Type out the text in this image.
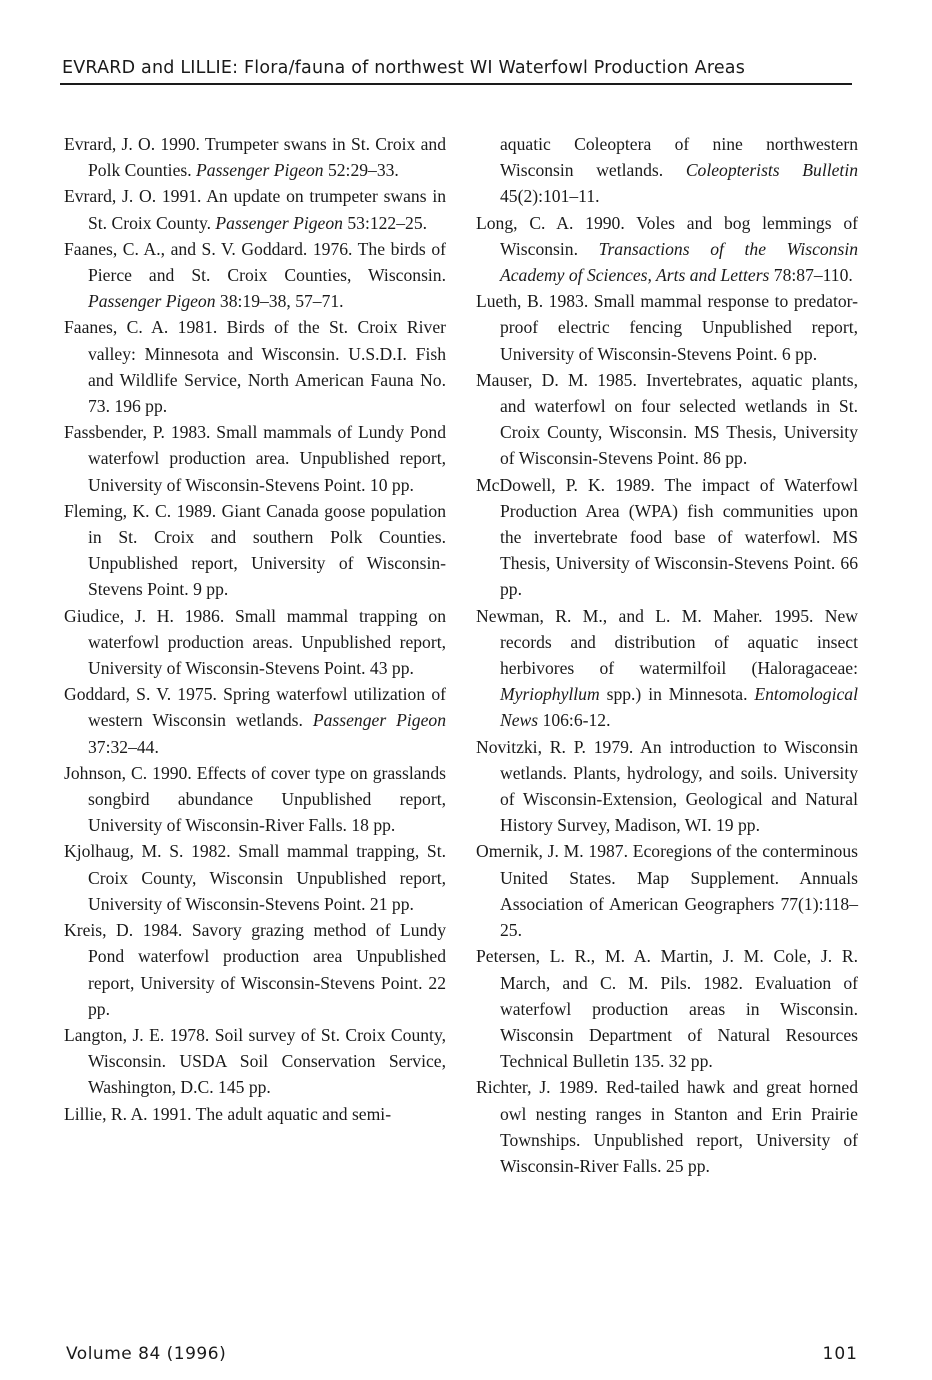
EVRARD and LILLIE: Flora/fauna of northwest WI Waterfowl Production Areas

Evrard, J. O. 1990. Trumpeter swans in St. Croix and Polk Counties. Passenger Pigeon 52:29–33.

Evrard, J. O. 1991. An update on trumpeter swans in St. Croix County. Passenger Pigeon 53:122–25.

Faanes, C. A., and S. V. Goddard. 1976. The birds of Pierce and St. Croix Counties, Wisconsin. Passenger Pigeon 38:19–38, 57–71.

Faanes, C. A. 1981. Birds of the St. Croix River valley: Minnesota and Wisconsin. U.S.D.I. Fish and Wildlife Service, North American Fauna No. 73. 196 pp.

Fassbender, P. 1983. Small mammals of Lundy Pond waterfowl production area. Unpublished report, University of Wisconsin-Stevens Point. 10 pp.

Fleming, K. C. 1989. Giant Canada goose population in St. Croix and southern Polk Counties. Unpublished report, University of Wisconsin-Stevens Point. 9 pp.

Giudice, J. H. 1986. Small mammal trapping on waterfowl production areas. Unpublished report, University of Wisconsin-Stevens Point. 43 pp.

Goddard, S. V. 1975. Spring waterfowl utilization of western Wisconsin wetlands. Passenger Pigeon 37:32–44.

Johnson, C. 1990. Effects of cover type on grasslands songbird abundance Unpublished report, University of Wisconsin-River Falls. 18 pp.

Kjolhaug, M. S. 1982. Small mammal trapping, St. Croix County, Wisconsin Unpublished report, University of Wisconsin-Stevens Point. 21 pp.

Kreis, D. 1984. Savory grazing method of Lundy Pond waterfowl production area Unpublished report, University of Wisconsin-Stevens Point. 22 pp.

Langton, J. E. 1978. Soil survey of St. Croix County, Wisconsin. USDA Soil Conservation Service, Washington, D.C. 145 pp.

Lillie, R. A. 1991. The adult aquatic and semi-

aquatic Coleoptera of nine northwestern Wisconsin wetlands. Coleopterists Bulletin 45(2):101–11.

Long, C. A. 1990. Voles and bog lemmings of Wisconsin. Transactions of the Wisconsin Academy of Sciences, Arts and Letters 78:87–110.

Lueth, B. 1983. Small mammal response to predator-proof electric fencing Unpublished report, University of Wisconsin-Stevens Point. 6 pp.

Mauser, D. M. 1985. Invertebrates, aquatic plants, and waterfowl on four selected wetlands in St. Croix County, Wisconsin. MS Thesis, University of Wisconsin-Stevens Point. 86 pp.

McDowell, P. K. 1989. The impact of Waterfowl Production Area (WPA) fish communities upon the invertebrate food base of waterfowl. MS Thesis, University of Wisconsin-Stevens Point. 66 pp.

Newman, R. M., and L. M. Maher. 1995. New records and distribution of aquatic insect herbivores of watermilfoil (Haloragaceae: Myriophyllum spp.) in Minnesota. Entomological News 106:6-12.

Novitzki, R. P. 1979. An introduction to Wisconsin wetlands. Plants, hydrology, and soils. University of Wisconsin-Extension, Geological and Natural History Survey, Madison, WI. 19 pp.

Omernik, J. M. 1987. Ecoregions of the conterminous United States. Map Supplement. Annuals Association of American Geographers 77(1):118–25.

Petersen, L. R., M. A. Martin, J. M. Cole, J. R. March, and C. M. Pils. 1982. Evaluation of waterfowl production areas in Wisconsin. Wisconsin Department of Natural Resources Technical Bulletin 135. 32 pp.

Richter, J. 1989. Red-tailed hawk and great horned owl nesting ranges in Stanton and Erin Prairie Townships. Unpublished report, University of Wisconsin-River Falls. 25 pp.

Volume 84 (1996)	101
